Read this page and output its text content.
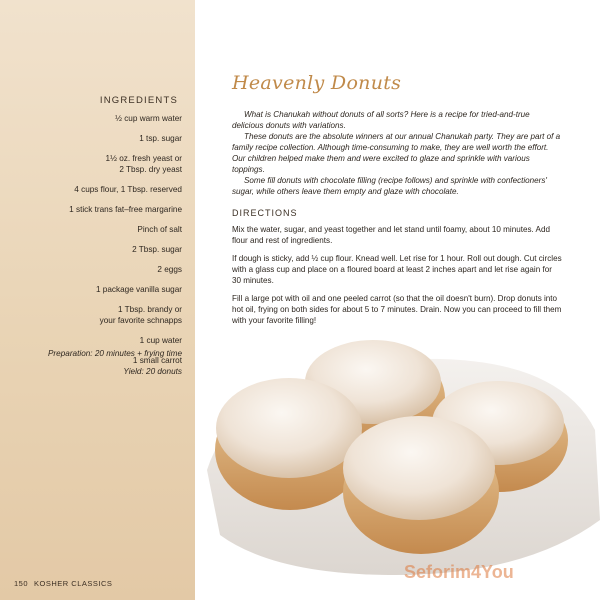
INGREDIENTS
½ cup warm water
1 tsp. sugar
1½ oz. fresh yeast or
2 Tbsp. dry yeast
4 cups flour, 1 Tbsp. reserved
1 stick trans fat–free margarine
Pinch of salt
2 Tbsp. sugar
2 eggs
1 package vanilla sugar
1 Tbsp. brandy or
your favorite schnapps
1 cup water
1 small carrot
Preparation: 20 minutes + frying time
Yield: 20 donuts
150 KOSHER CLASSICS
Heavenly Donuts

What is Chanukah without donuts of all sorts? Here is a recipe for tried-and-true delicious donuts with variations.

These donuts are the absolute winners at our annual Chanukah party. They are part of a family recipe collection. Although time-consuming to make, they are well worth the effort. Our children helped make them and were excited to glaze and sprinkle with various toppings.

Some fill donuts with chocolate filling (recipe follows) and sprinkle with confectioners' sugar, while others leave them empty and glaze with chocolate.

DIRECTIONS

Mix the water, sugar, and yeast together and let stand until foamy, about 10 minutes. Add flour and rest of ingredients.

If dough is sticky, add ½ cup flour. Knead well. Let rise for 1 hour. Roll out dough. Cut circles with a glass cup and place on a floured board at least 2 inches apart and let rise again for 30 minutes.

Fill a large pot with oil and one peeled carrot (so that the oil doesn't burn). Drop donuts into hot oil, frying on both sides for about 5 to 7 minutes. Drain. Now you can proceed to fill them with your favorite filling!

Seforim4You
